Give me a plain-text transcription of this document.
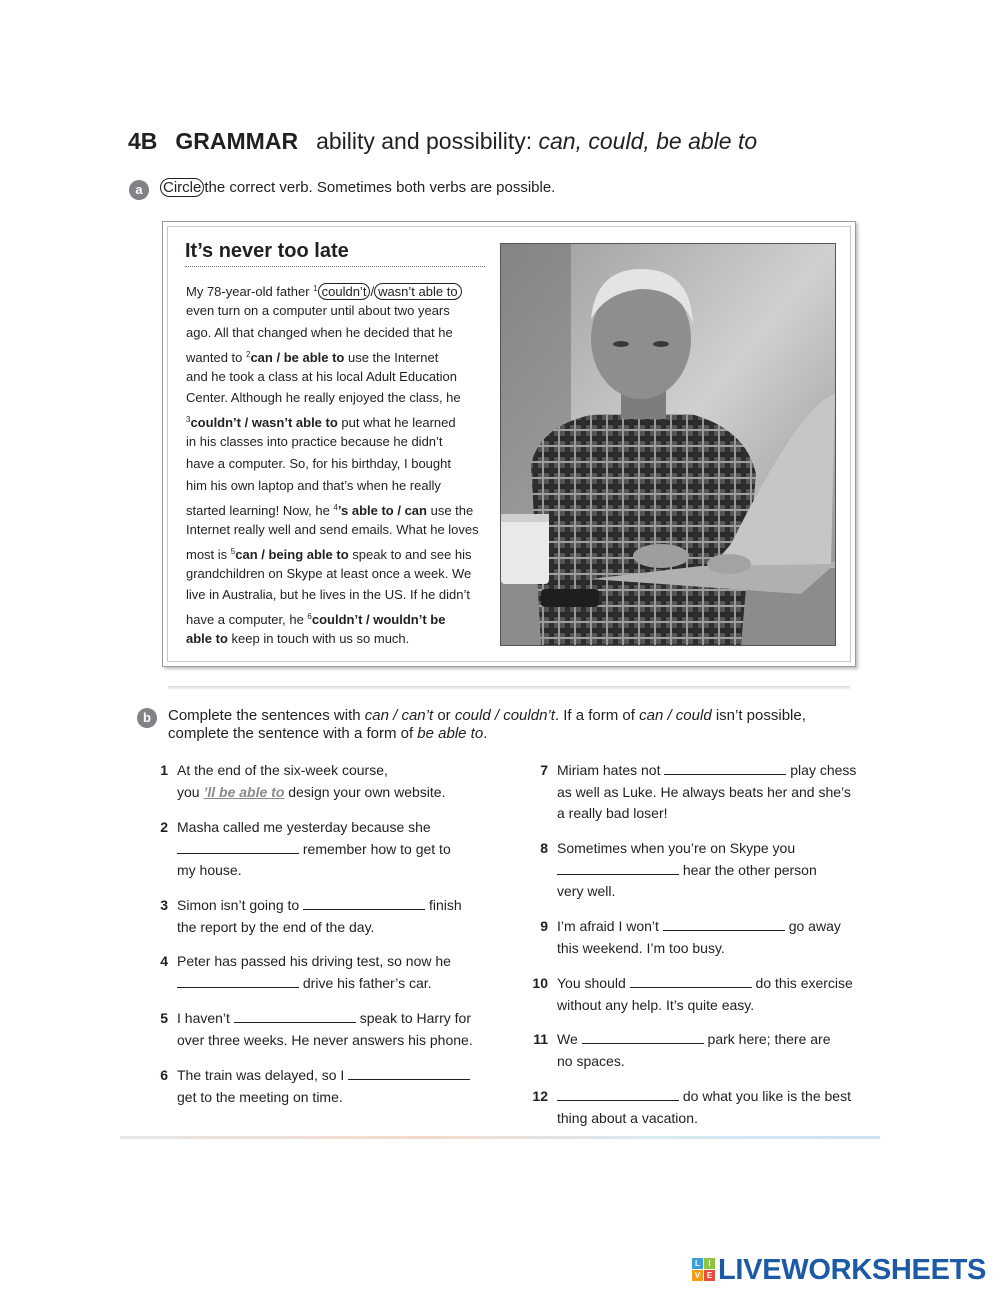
4B GRAMMAR ability and possibility: can, could, be able to
a	Circle the correct verb. Sometimes both verbs are possible.
It’s never too late
My 78-year-old father $^1$ couldn’t / wasn’t able to
even turn on a computer until about two years
ago. All that changed when he decided that he
wanted to $^2$can / be able to use the Internet
and he took a class at his local Adult Education
Center. Although he really enjoyed the class, he
$^3$couldn’t / wasn’t able to put what he learned
in his classes into practice because he didn’t
have a computer. So, for his birthday, I bought
him his own laptop and that’s when he really
started learning! Now, he $^4$’s able to / can use the
Internet really well and send emails. What he loves
most is $^5$can / being able to speak to and see his
grandchildren on Skype at least once a week. We
live in Australia, but he lives in the US. If he didn’t
have a computer, he $^6$couldn’t / wouldn’t be
able to keep in touch with us so much.
b	Complete the sentences with can / can’t or could / couldn’t. If a form of can / could isn’t possible,
complete the sentence with a form of be able to.
1 At the end of the six-week course,
you ’ll be able to design your own website.
2 Masha called me yesterday because she
remember how to get to
my house.
3 Simon isn’t going to	finish
the report by the end of the day.
4 Peter has passed his driving test, so now he
drive his father’s car.
5 I haven’t	speak to Harry for
over three weeks. He never answers his phone.
6 The train was delayed, so I
get to the meeting on time.
7 Miriam hates not	play chess
as well as Luke. He always beats her and she’s
a really bad loser!
8 Sometimes when you’re on Skype you
hear the other person
very well.
9 I’m afraid I won’t	go away
this weekend. I’m too busy.
10 You should	do this exercise
without any help. It’s quite easy.
11 We	park here; there are
no spaces.
12	do what you like is the best
thing about a vacation.
L	I
V E LIVEWORKSHEETS
